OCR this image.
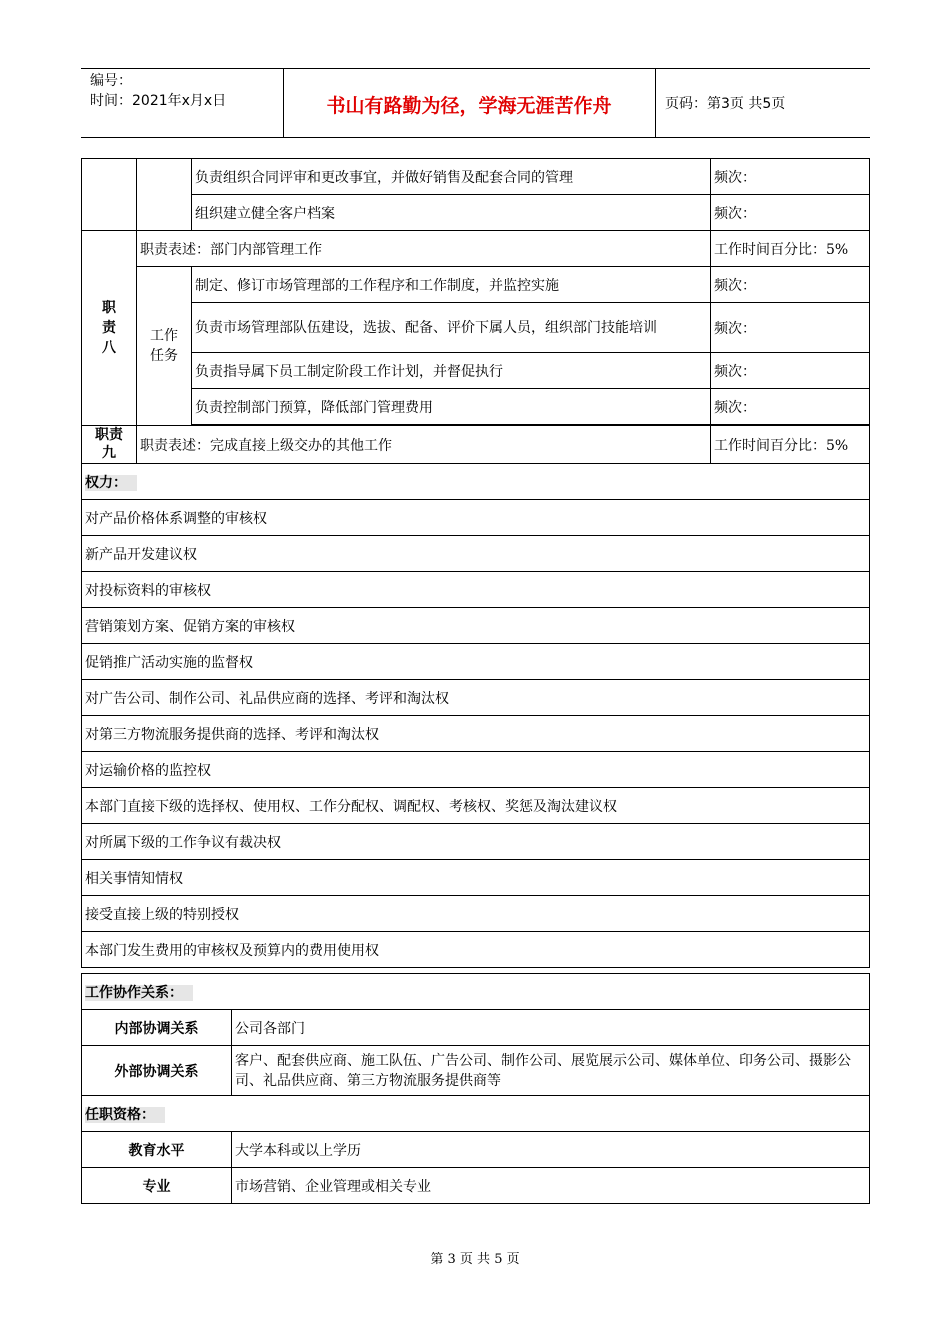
编号：
时间：2021年x月x日	书山有路勤为径，学海无涯苦作舟	页码：第3页 共5页
		负责组织合同评审和更改事宜，并做好销售及配套合同的管理	频次：
		组织建立健全客户档案	频次：
职责八	职责表述：部门内部管理工作		工作时间百分比：5%
	工作任务	制定、修订市场管理部的工作程序和工作制度，并监控实施	频次：
		负责市场管理部队伍建设，选拔、配备、评价下属人员，组织部门技能培训	频次：
		负责指导属下员工制定阶段工作计划，并督促执行	频次：
		负责控制部门预算，降低部门管理费用	频次：

职责九	职责表述：完成直接上级交办的其他工作		工作时间百分比：5%
权力：			
对产品价格体系调整的审核权			
新产品开发建议权			
对投标资料的审核权			
营销策划方案、促销方案的审核权			
促销推广活动实施的监督权			
对广告公司、制作公司、礼品供应商的选择、考评和淘汰权			
对第三方物流服务提供商的选择、考评和淘汰权			
对运输价格的监控权			
本部门直接下级的选择权、使用权、工作分配权、调配权、考核权、奖惩及淘汰建议权			
对所属下级的工作争议有裁决权			
相关事情知情权			
接受直接上级的特别授权			
本部门发生费用的审核权及预算内的费用使用权			
工作协作关系：	
内部协调关系	公司各部门
外部协调关系	客户、配套供应商、施工队伍、广告公司、制作公司、展览展示公司、媒体单位、印务公司、摄影公司、礼品供应商、第三方物流服务提供商等
任职资格：	
教育水平	大学本科或以上学历
专业	市场营销、企业管理或相关专业
第 3 页 共 5 页
